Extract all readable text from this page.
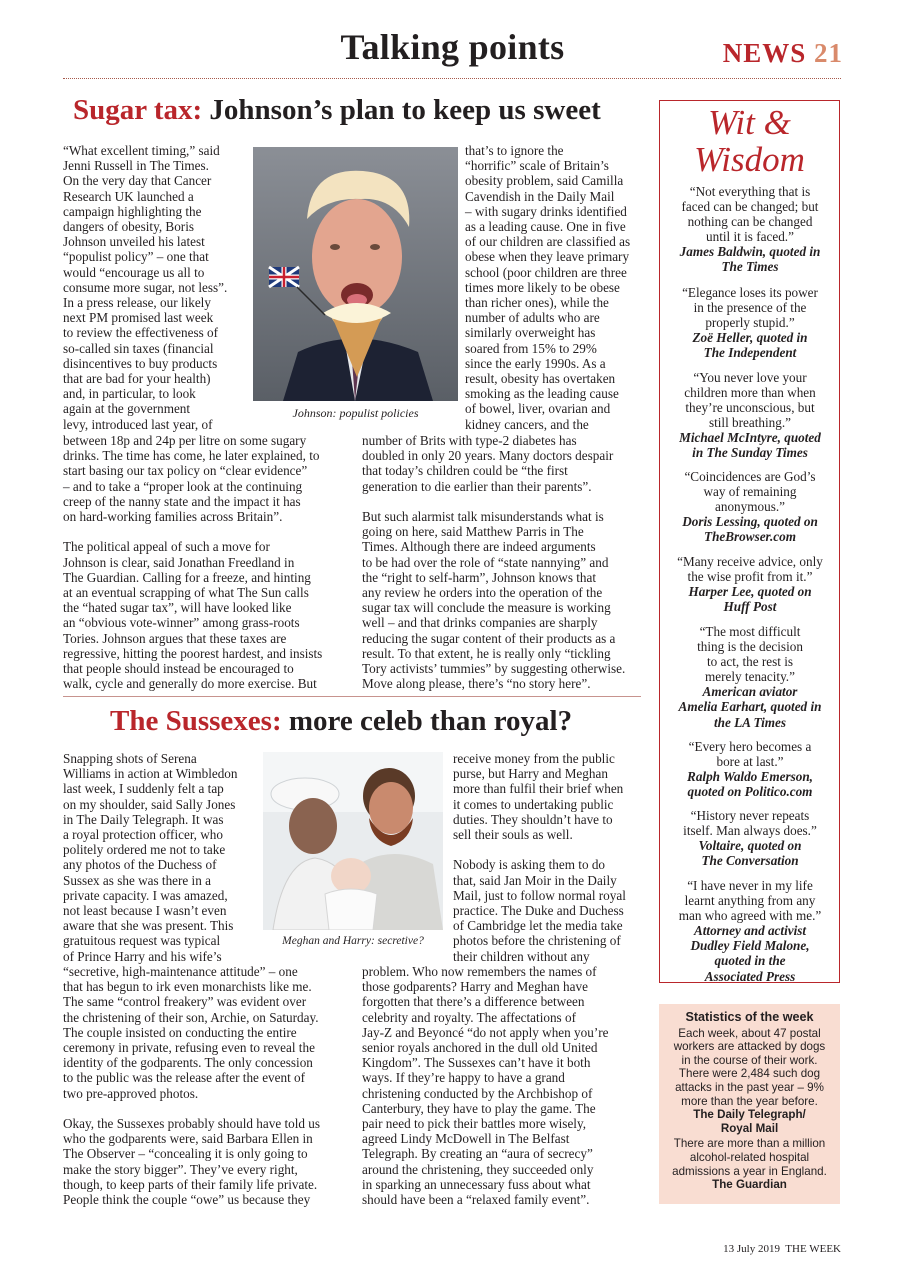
Talking points	NEWS 21
Sugar tax: Johnson’s plan to keep us sweet
Johnson: populist policies

“What excellent timing,” said
Jenni Russell in The Times.
On the very day that Cancer
Research UK launched a
campaign highlighting the
dangers of obesity, Boris
Johnson unveiled his latest
“populist policy” – one that
would “encourage us all to
consume more sugar, not less”.
In a press release, our likely
next PM promised last week
to review the effectiveness of
so-called sin taxes (financial
disincentives to buy products
that are bad for your health)
and, in particular, to look
again at the government
levy, introduced last year, of

between 18p and 24p per litre on some sugary
drinks. The time has come, he later explained, to
start basing our tax policy on “clear evidence”
– and to take a “proper look at the continuing
creep of the nanny state and the impact it has
on hard-working families across Britain”.

The political appeal of such a move for
Johnson is clear, said Jonathan Freedland in
The Guardian. Calling for a freeze, and hinting
at an eventual scrapping of what The Sun calls
the “hated sugar tax”, will have looked like
an “obvious vote-winner” among grass-roots
Tories. Johnson argues that these taxes are
regressive, hitting the poorest hardest, and insists
that people should instead be encouraged to
walk, cycle and generally do more exercise. But

that’s to ignore the
“horrific” scale of Britain’s
obesity problem, said Camilla
Cavendish in the Daily Mail
– with sugary drinks identified
as a leading cause. One in five
of our children are classified as
obese when they leave primary
school (poor children are three
times more likely to be obese
than richer ones), while the
number of adults who are
similarly overweight has
soared from 15% to 29%
since the early 1990s. As a
result, obesity has overtaken
smoking as the leading cause
of bowel, liver, ovarian and
kidney cancers, and the

number of Brits with type-2 diabetes has
doubled in only 20 years. Many doctors despair
that today’s children could be “the first
generation to die earlier than their parents”.

But such alarmist talk misunderstands what is
going on here, said Matthew Parris in The
Times. Although there are indeed arguments
to be had over the role of “state nannying” and
the “right to self-harm”, Johnson knows that
any review he orders into the operation of the
sugar tax will conclude the measure is working
well – and that drinks companies are sharply
reducing the sugar content of their products as a
result. To that extent, he is really only “tickling
Tory activists’ tummies” by suggesting otherwise.
Move along please, there’s “no story here”.

The Sussexes: more celeb than royal?
Meghan and Harry: secretive?

Snapping shots of Serena
Williams in action at Wimbledon
last week, I suddenly felt a tap
on my shoulder, said Sally Jones
in The Daily Telegraph. It was
a royal protection officer, who
politely ordered me not to take
any photos of the Duchess of
Sussex as she was there in a
private capacity. I was amazed,
not least because I wasn’t even
aware that she was present. This
gratuitous request was typical
of Prince Harry and his wife’s

“secretive, high-maintenance attitude” – one
that has begun to irk even monarchists like me.
The same “control freakery” was evident over
the christening of their son, Archie, on Saturday.
The couple insisted on conducting the entire
ceremony in private, refusing even to reveal the
identity of the godparents. The only concession
to the public was the release after the event of
two pre-approved photos.

Okay, the Sussexes probably should have told us
who the godparents were, said Barbara Ellen in
The Observer – “concealing it is only going to
make the story bigger”. They’ve every right,
though, to keep parts of their family life private.
People think the couple “owe” us because they

receive money from the public
purse, but Harry and Meghan
more than fulfil their brief when
it comes to undertaking public
duties. They shouldn’t have to
sell their souls as well.

Nobody is asking them to do
that, said Jan Moir in the Daily
Mail, just to follow normal royal
practice. The Duke and Duchess
of Cambridge let the media take
photos before the christening of
their children without any

problem. Who now remembers the names of
those godparents? Harry and Meghan have
forgotten that there’s a difference between
celebrity and royalty. The affectations of
Jay-Z and Beyoncé “do not apply when you’re
senior royals anchored in the dull old United
Kingdom”. The Sussexes can’t have it both
ways. If they’re happy to have a grand
christening conducted by the Archbishop of
Canterbury, they have to play the game. The
pair need to pick their battles more wisely,
agreed Lindy McDowell in The Belfast
Telegraph. By creating an “aura of secrecy”
around the christening, they succeeded only
in sparking an unnecessary fuss about what
should have been a “relaxed family event”.

Wit &
Wisdom
“Not everything that is
faced can be changed; but
nothing can be changed
until it is faced.”
James Baldwin, quoted in
The Times
“Elegance loses its power
in the presence of the
properly stupid.”
Zoë Heller, quoted in
The Independent
“You never love your
children more than when
they’re unconscious, but
still breathing.”
Michael McIntyre, quoted
in The Sunday Times
“Coincidences are God’s
way of remaining
anonymous.”
Doris Lessing, quoted on
TheBrowser.com
“Many receive advice, only
the wise profit from it.”
Harper Lee, quoted on
Huff Post
“The most difficult
thing is the decision
to act, the rest is
merely tenacity.”
American aviator
Amelia Earhart, quoted in
the LA Times
“Every hero becomes a
bore at last.”
Ralph Waldo Emerson,
quoted on Politico.com
“History never repeats
itself. Man always does.”
Voltaire, quoted on
The Conversation
“I have never in my life
learnt anything from any
man who agreed with me.”
Attorney and activist
Dudley Field Malone,
quoted in the
Associated Press
Statistics of the week
Each week, about 47 postal
workers are attacked by dogs
in the course of their work.
There were 2,484 such dog
attacks in the past year – 9%
more than the year before.
The Daily Telegraph/
Royal Mail
There are more than a million
alcohol-related hospital
admissions a year in England.
The Guardian
13 July 2019  THE WEEK
